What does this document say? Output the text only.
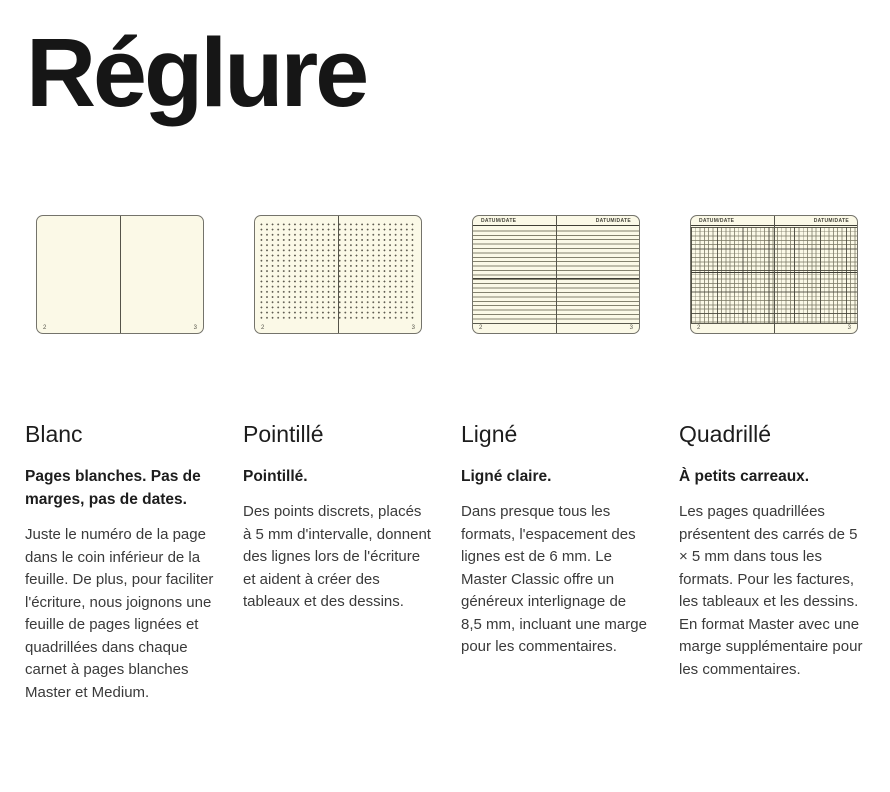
Réglure
2	3
Blanc

Pages blanches. Pas de marges, pas de dates.

Juste le numéro de la page dans le coin inférieur de la feuille. De plus, pour faciliter l'écriture, nous joignons une feuille de pages lignées et quadrillées dans chaque carnet à pages blanches Master et Medium.

2	3
Pointillé

Pointillé.

Des points discrets, placés à 5 mm d'intervalle, donnent des lignes lors de l'écriture et aident à créer des tableaux et des dessins.

DATUM/DATE	DATUM/DATE
2	3
Ligné

Ligné claire.

Dans presque tous les formats, l'espacement des lignes est de 6 mm. Le Master Classic offre un généreux interlignage de 8,5 mm, incluant une marge pour les commentaires.

DATUM/DATE	DATUM/DATE
2	3
Quadrillé

À petits carreaux.

Les pages quadrillées présentent des carrés de 5 × 5 mm dans tous les formats. Pour les factures, les tableaux et les dessins. En format Master avec une marge supplémentaire pour les commentaires.
